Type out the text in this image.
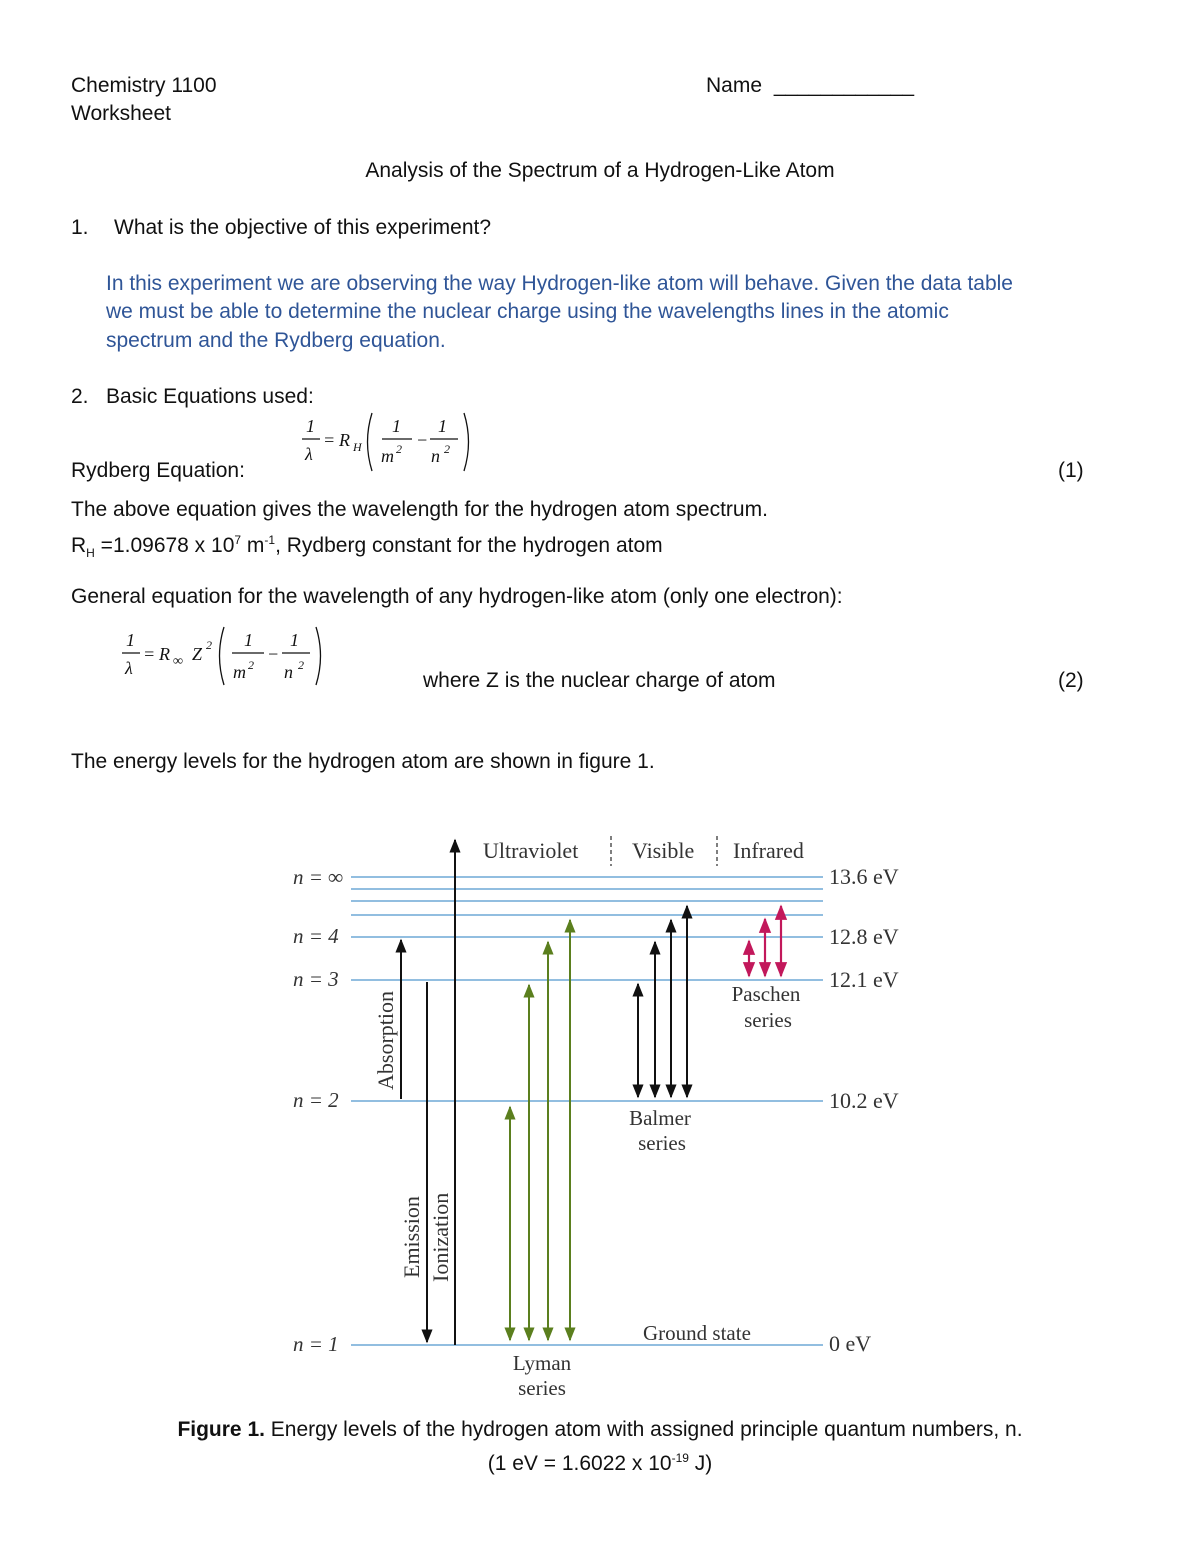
Chemistry 1100
Worksheet
Name ____________
Analysis of the Spectrum of a Hydrogen-Like Atom
1. What is the objective of this experiment?
In this experiment we are observing the way Hydrogen-like atom will behave. Given the data table
we must be able to determine the nuclear charge using the wavelengths lines in the atomic
spectrum and the Rydberg equation.
2. Basic Equations used:
Rydberg Equation:
1
λ
= R H
1
m 2 −
1
n 2
(1)
The above equation gives the wavelength for the hydrogen atom spectrum.
$R_H =1.09678$ x $10^7$ $m^{-1}$, Rydberg constant for the hydrogen atom
General equation for the wavelength of any hydrogen-like atom (only one electron):
1
λ
= R ∞ Z 2 1
m 2
−
1
n 2
where Z is the nuclear charge of atom	(2)
The energy levels for the hydrogen atom are shown in figure 1.
Ultraviolet Visible Infrared
n = ∞
n = 4
n = 3
n = 2
n = 1
13.6 eV
12.8 eV
12.1 eV
10.2 eV
0 eV
Absorption
Emission Ionization
Paschen
series
Balmer
series
Lyman
series
Ground state
Figure 1. Energy levels of the hydrogen atom with assigned principle quantum numbers, n.
(1 eV = 1.6022 x $10^{-19}$ J)
